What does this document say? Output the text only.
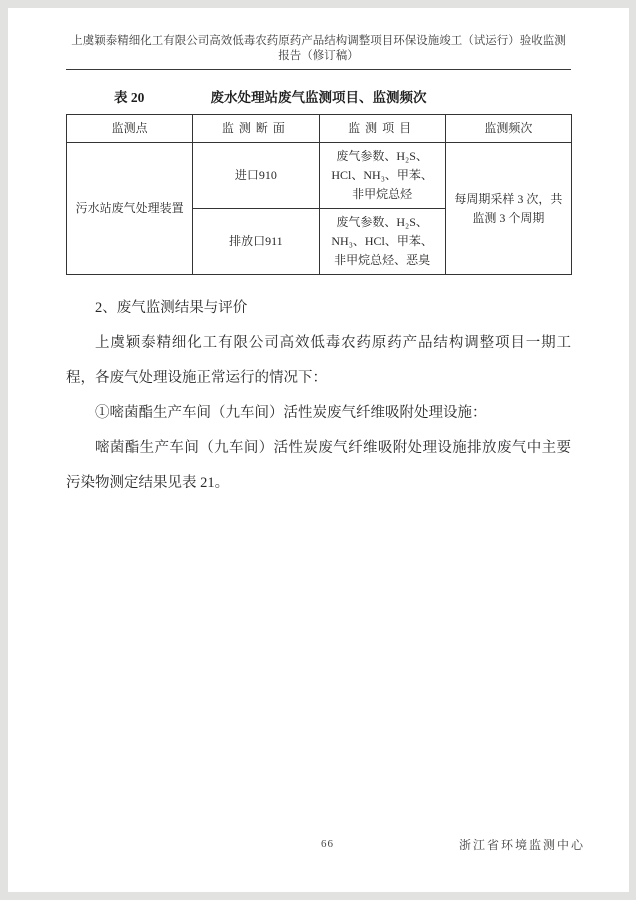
上虞颖泰精细化工有限公司高效低毒农药原药产品结构调整项目环保设施竣工（试运行）验收监测报告（修订稿）
表 20	废水处理站废气监测项目、监测频次
监测点	监测断面	监测项目	监测频次
污水站废气处理装置	进口910	废气参数、H₂S、HCl、NH₃、甲苯、非甲烷总烃	每周期采样 3 次，共监测 3 个周期
	排放口911	废气参数、H₂S、NH₃、HCl、甲苯、非甲烷总烃、恶臭	

2、废气监测结果与评价

上虞颖泰精细化工有限公司高效低毒农药原药产品结构调整项目一期工程，各废气处理设施正常运行的情况下：

①嘧菌酯生产车间（九车间）活性炭废气纤维吸附处理设施：

嘧菌酯生产车间（九车间）活性炭废气纤维吸附处理设施排放废气中主要污染物测定结果见表 21。

66	浙江省环境监测中心
